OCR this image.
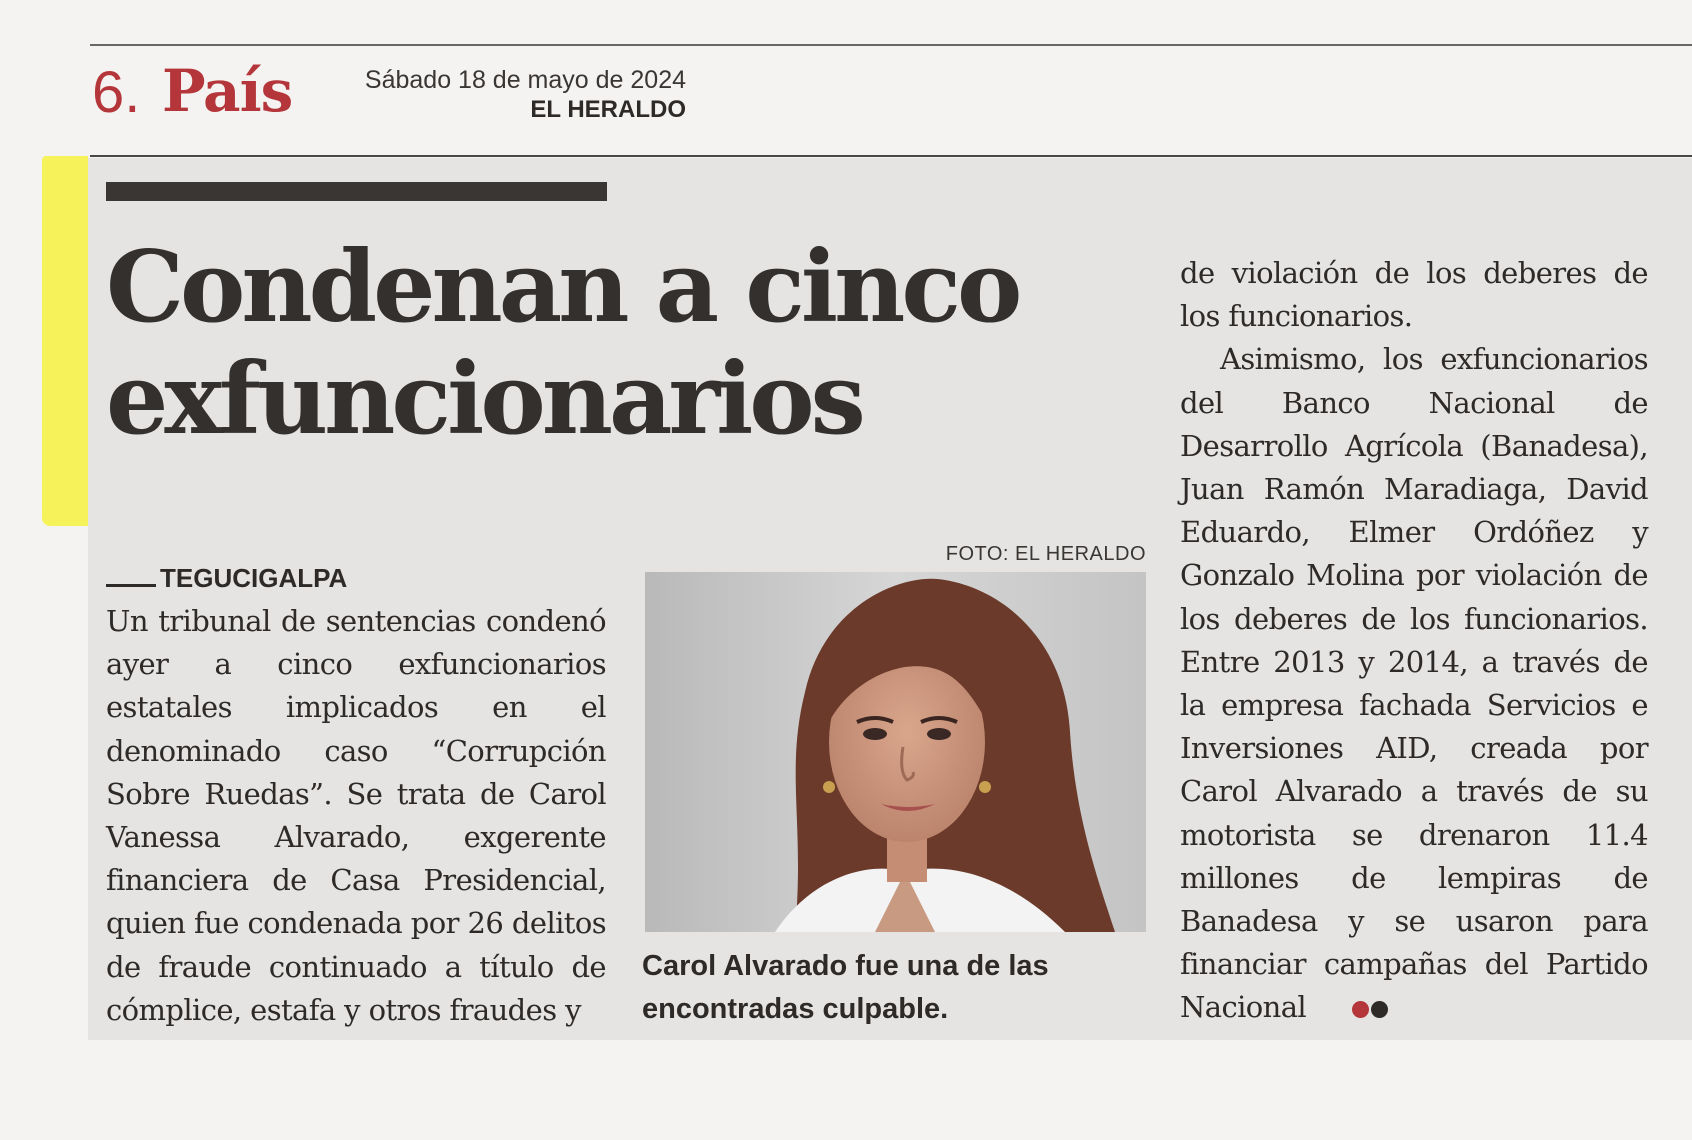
6. País	Sábado 18 de mayo de 2024
EL HERALDO
Condenan a cinco exfuncionarios
TEGUCIGALPA

Un tribunal de sentencias condenó ayer a cinco exfuncionarios estatales implicados en el denominado caso “Corrupción Sobre Ruedas”. Se trata de Carol Vanessa Alvarado, exgerente financiera de Casa Presidencial, quien fue condenada por 26 delitos de fraude continuado a título de cómplice, estafa y otros fraudes y

FOTO: EL HERALDO

Carol Alvarado fue una de las encontradas culpable.

de violación de los deberes de los funcionarios.

Asimismo, los exfuncionarios del Banco Nacional de Desarrollo Agrícola (Banadesa), Juan Ramón Maradiaga, David Eduardo, Elmer Ordóñez y Gonzalo Molina por violación de los deberes de los funcionarios. Entre 2013 y 2014, a través de la empresa fachada Servicios e Inversiones AID, creada por Carol Alvarado a través de su motorista se drenaron 11.4 millones de lempiras de Banadesa y se usaron para financiar campañas del Partido Nacional
